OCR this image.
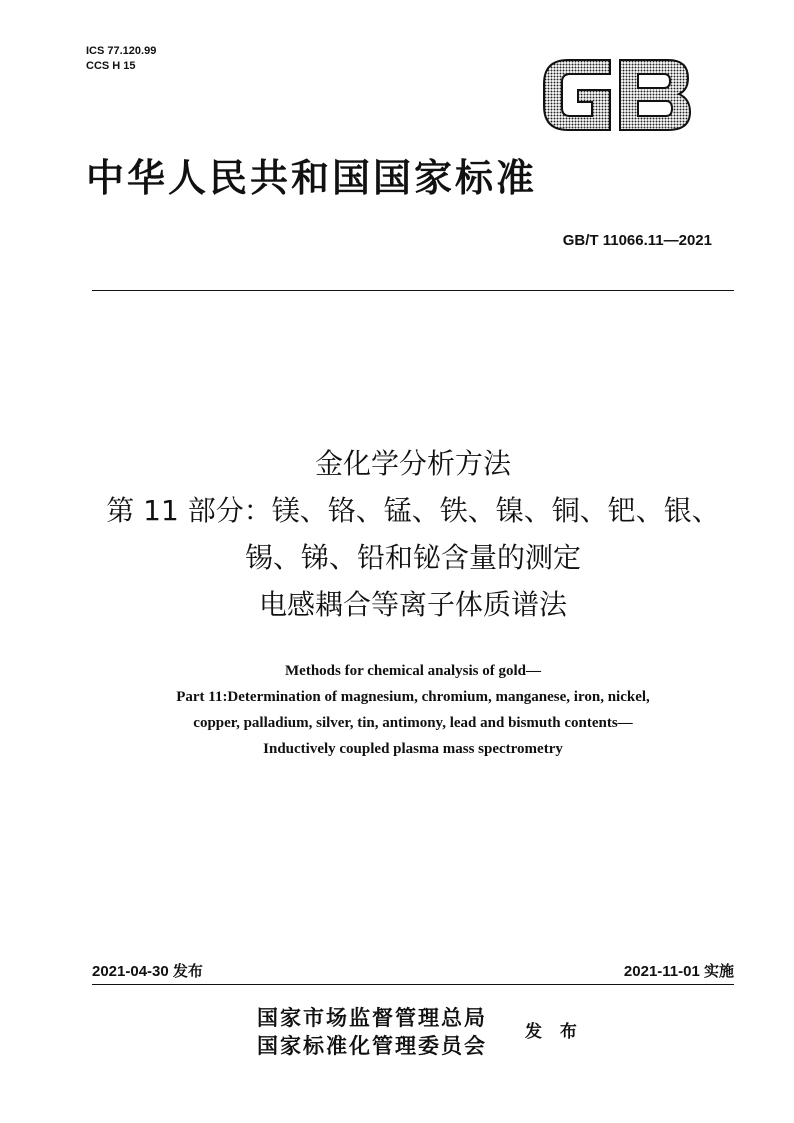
ICS 77.120.99
CCS H 15
中华人民共和国国家标准
GB/T 11066.11—2021
金化学分析方法
第 11 部分：镁、铬、锰、铁、镍、铜、钯、银、
锡、锑、铅和铋含量的测定
电感耦合等离子体质谱法
Methods for chemical analysis of gold—
Part 11:Determination of magnesium, chromium, manganese, iron, nickel,
copper, palladium, silver, tin, antimony, lead and bismuth contents—
Inductively coupled plasma mass spectrometry
2021-04-30 发布	2021-11-01 实施
国家市场监督管理总局
国家标准化管理委员会
发 布
